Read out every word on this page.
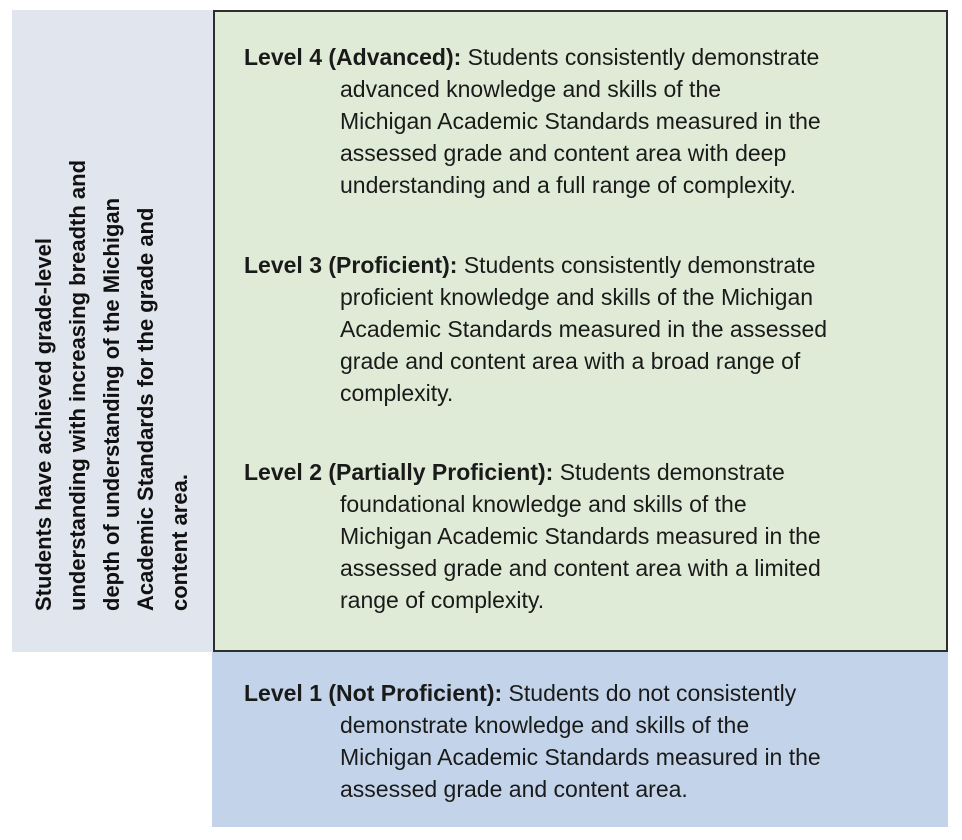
Students have achieved grade-level understanding with increasing breadth and depth of understanding of the Michigan Academic Standards for the grade and content area.
Level 4 (Advanced): Students consistently demonstrate
advanced knowledge and skills of the
Michigan Academic Standards measured in the
assessed grade and content area with deep
understanding and a full range of complexity.
Level 3 (Proficient): Students consistently demonstrate
proficient knowledge and skills of the Michigan
Academic Standards measured in the assessed
grade and content area with a broad range of
complexity.
Level 2 (Partially Proficient): Students demonstrate
foundational knowledge and skills of the
Michigan Academic Standards measured in the
assessed grade and content area with a limited
range of complexity.
Level 1 (Not Proficient): Students do not consistently
demonstrate knowledge and skills of the
Michigan Academic Standards measured in the
assessed grade and content area.
